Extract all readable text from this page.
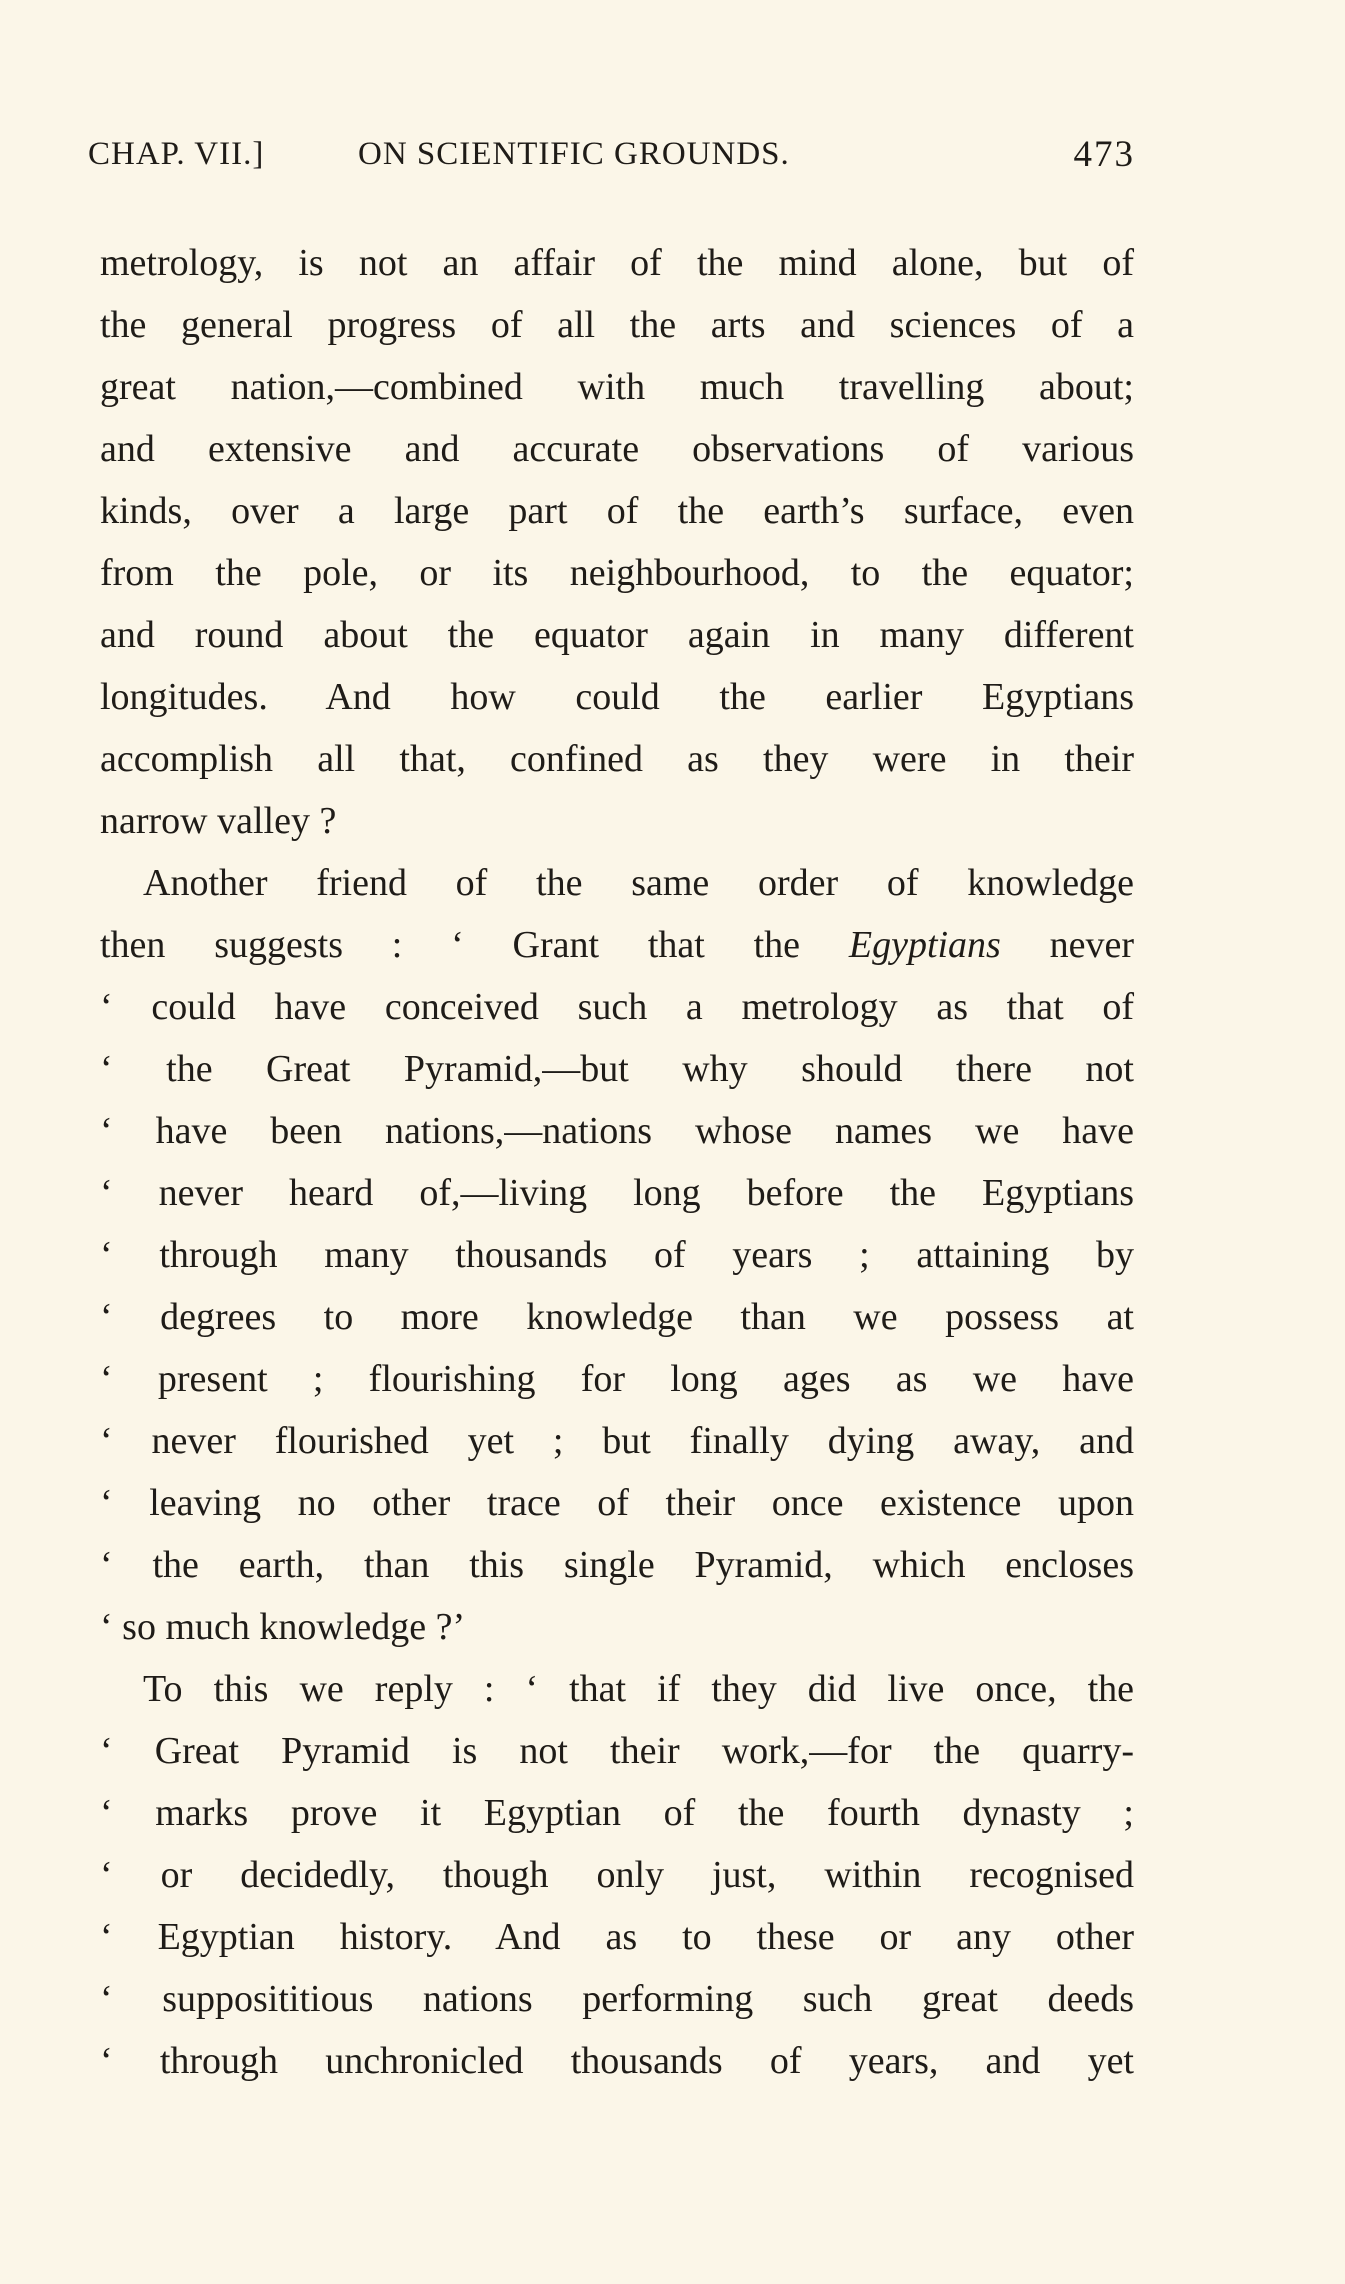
CHAP. VII.]	ON SCIENTIFIC GROUNDS.	473
metrology, is not an affair of the mind alone, but of
the general progress of all the arts and sciences of a
great nation,—combined with much travelling about;
and extensive and accurate observations of various
kinds, over a large part of the earth’s surface, even
from the pole, or its neighbourhood, to the equator;
and round about the equator again in many different
longitudes. And how could the earlier Egyptians
accomplish all that, confined as they were in their
narrow valley ?
Another friend of the same order of knowledge
then suggests : ‘ Grant that the Egyptians never
‘ could have conceived such a metrology as that of
‘ the Great Pyramid,—but why should there not
‘ have been nations,—nations whose names we have
‘ never heard of,—living long before the Egyptians
‘ through many thousands of years ; attaining by
‘ degrees to more knowledge than we possess at
‘ present ; flourishing for long ages as we have
‘ never flourished yet ; but finally dying away, and
‘ leaving no other trace of their once existence upon
‘ the earth, than this single Pyramid, which encloses
‘ so much knowledge ?’
To this we reply : ‘ that if they did live once, the
‘ Great Pyramid is not their work,—for the quarry-
‘ marks prove it Egyptian of the fourth dynasty ;
‘ or decidedly, though only just, within recognised
‘ Egyptian history. And as to these or any other
‘ supposititious nations performing such great deeds
‘ through unchronicled thousands of years, and yet
